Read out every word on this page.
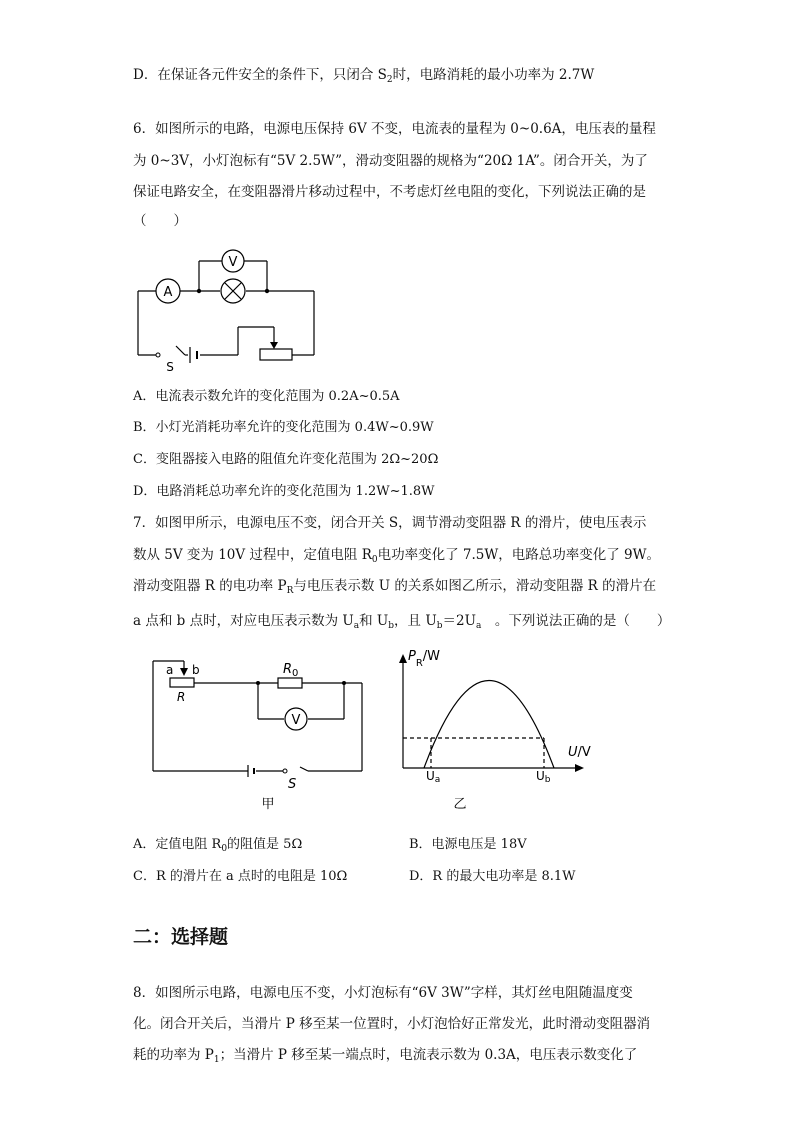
D．在保证各元件安全的条件下，只闭合 $S_2$时，电路消耗的最小功率为 2.7W
6．如图所示的电路，电源电压保持 6V 不变，电流表的量程为 0~0.6A，电压表的量程
为 0~3V，小灯泡标有“5V 2.5W”，滑动变阻器的规格为“20Ω 1A”。闭合开关，为了
保证电路安全，在变阻器滑片移动过程中，不考虑灯丝电阻的变化，下列说法正确的是
（　　）
A
V
S
A．电流表示数允许的变化范围为 0.2A~0.5A
B．小灯光消耗功率允许的变化范围为 0.4W~0.9W
C．变阻器接入电路的阻值允许变化范围为 2Ω~20Ω
D．电路消耗总功率允许的变化范围为 1.2W~1.8W
7．如图甲所示，电源电压不变，闭合开关 S，调节滑动变阻器 R 的滑片，使电压表示
数从 5V 变为 10V 过程中，定值电阻 $R_0$电功率变化了 7.5W，电路总功率变化了 9W。
滑动变阻器 R 的电功率 $P_R$与电压表示数 U 的关系如图乙所示，滑动变阻器 R 的滑片在
a 点和 b 点时，对应电压表示数为 $U_a$和 $U_b$，且 $U_b=2U_a$　。下列说法正确的是（　　）
a b
R
$R_0$
V
S
甲
$P_R/W$
U/V
Ua	Ub
乙
A．定值电阻 $R_0$的阻值是 5Ω	B．电源电压是 18V
C．R 的滑片在 a 点时的电阻是 10Ω	D．R 的最大电功率是 8.1W
二：选择题
8．如图所示电路，电源电压不变，小灯泡标有“6V 3W”字样，其灯丝电阻随温度变
化。闭合开关后，当滑片 P 移至某一位置时，小灯泡恰好正常发光，此时滑动变阻器消
耗的功率为 $P_1$；当滑片 P 移至某一端点时，电流表示数为 0.3A，电压表示数变化了
